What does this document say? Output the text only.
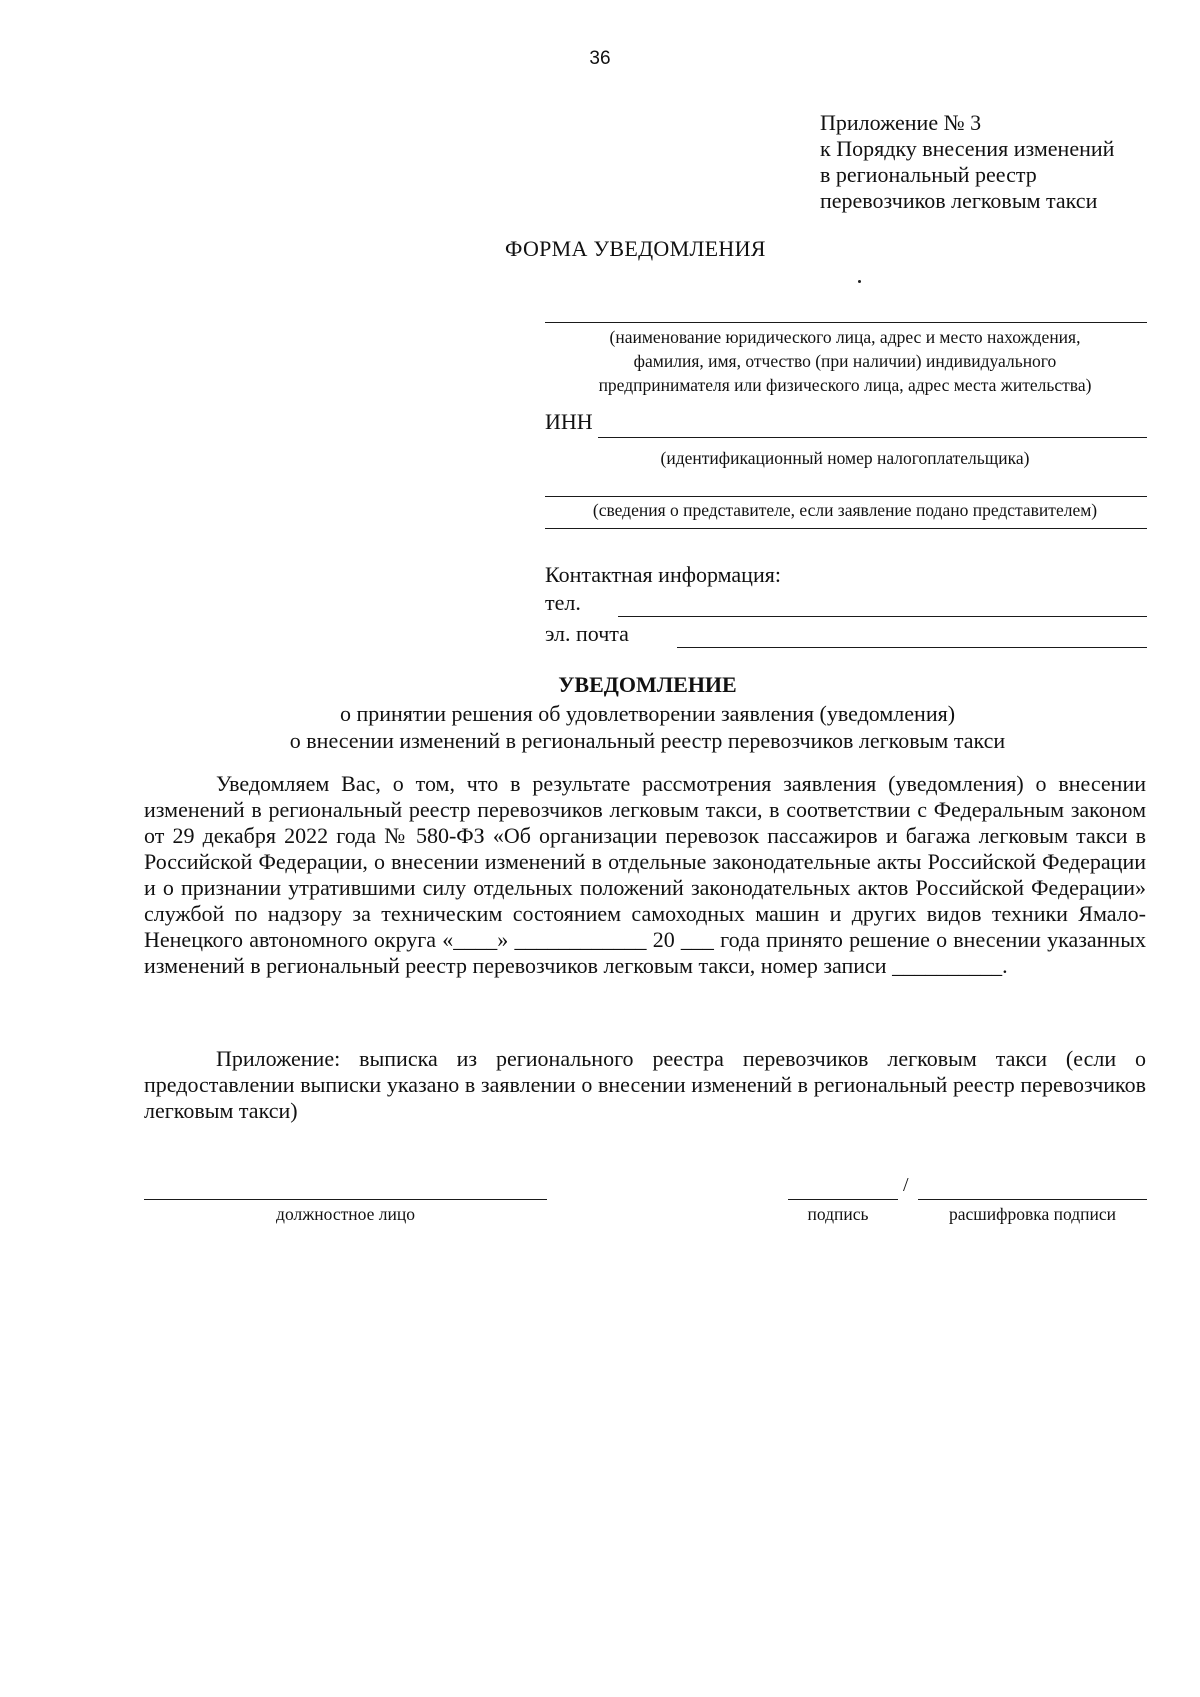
36
Приложение № 3
к Порядку внесения изменений
в региональный реестр
перевозчиков легковым такси
ФОРМА УВЕДОМЛЕНИЯ
(наименование юридического лица, адрес и место нахождения,
фамилия, имя, отчество (при наличии) индивидуального
предпринимателя или физического лица, адрес места жительства)
ИНН
(идентификационный номер налогоплательщика)
(сведения о представителе, если заявление подано представителем)
Контактная информация:
тел.
эл. почта
УВЕДОМЛЕНИЕ
о принятии решения об удовлетворении заявления (уведомления)
о внесении изменений в региональный реестр перевозчиков легковым такси
Уведомляем Вас, о том, что в результате рассмотрения заявления (уведомления) о внесении изменений в региональный реестр перевозчиков легковым такси, в соответствии с Федеральным законом от 29 декабря 2022 года № 580-ФЗ «Об организации перевозок пассажиров и багажа легковым такси в Российской Федерации, о внесении изменений в отдельные законодательные акты Российской Федерации и о признании утратившими силу отдельных положений законодательных актов Российской Федерации» службой по надзору за техническим состоянием самоходных машин и других видов техники Ямало-Ненецкого автономного округа «____» ____________ 20 ___ года принято решение о внесении указанных изменений в региональный реестр перевозчиков легковым такси, номер записи __________.
Приложение: выписка из регионального реестра перевозчиков легковым такси (если о предоставлении выписки указано в заявлении о внесении изменений в региональный реестр перевозчиков легковым такси)
должностное лицо
/
подпись	расшифровка подписи
